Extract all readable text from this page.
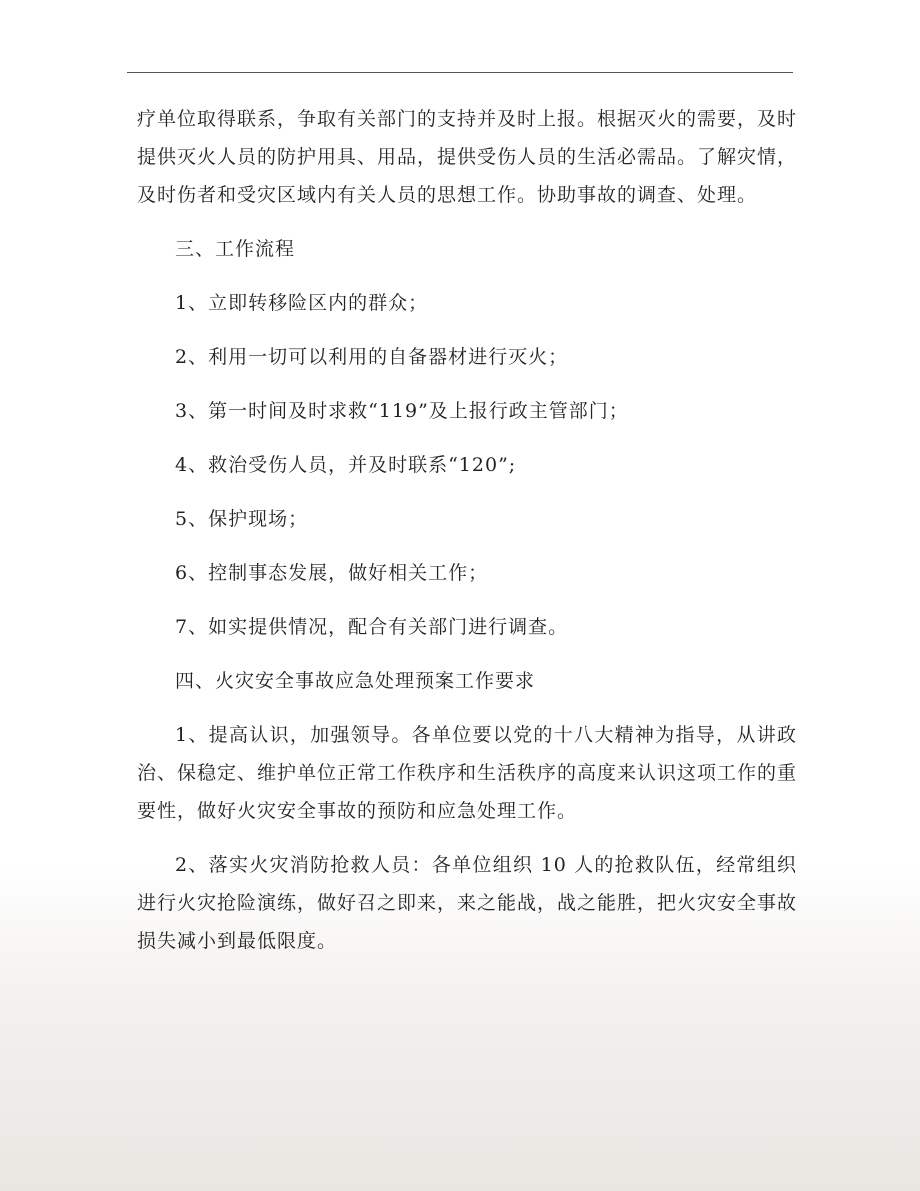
疗单位取得联系，争取有关部门的支持并及时上报。根据灭火的需要，及时提供灭火人员的防护用具、用品，提供受伤人员的生活必需品。了解灾情，及时伤者和受灾区域内有关人员的思想工作。协助事故的调查、处理。

三、工作流程

1、立即转移险区内的群众；

2、利用一切可以利用的自备器材进行灭火；

3、第一时间及时求救“119”及上报行政主管部门；

4、救治受伤人员，并及时联系“120”;

5、保护现场；

6、控制事态发展，做好相关工作；

7、如实提供情况，配合有关部门进行调查。

四、火灾安全事故应急处理预案工作要求

1、提高认识，加强领导。各单位要以党的十八大精神为指导，从讲政治、保稳定、维护单位正常工作秩序和生活秩序的高度来认识这项工作的重要性，做好火灾安全事故的预防和应急处理工作。

2、落实火灾消防抢救人员：各单位组织 10 人的抢救队伍，经常组织进行火灾抢险演练，做好召之即来，来之能战，战之能胜，把火灾安全事故损失减小到最低限度。
